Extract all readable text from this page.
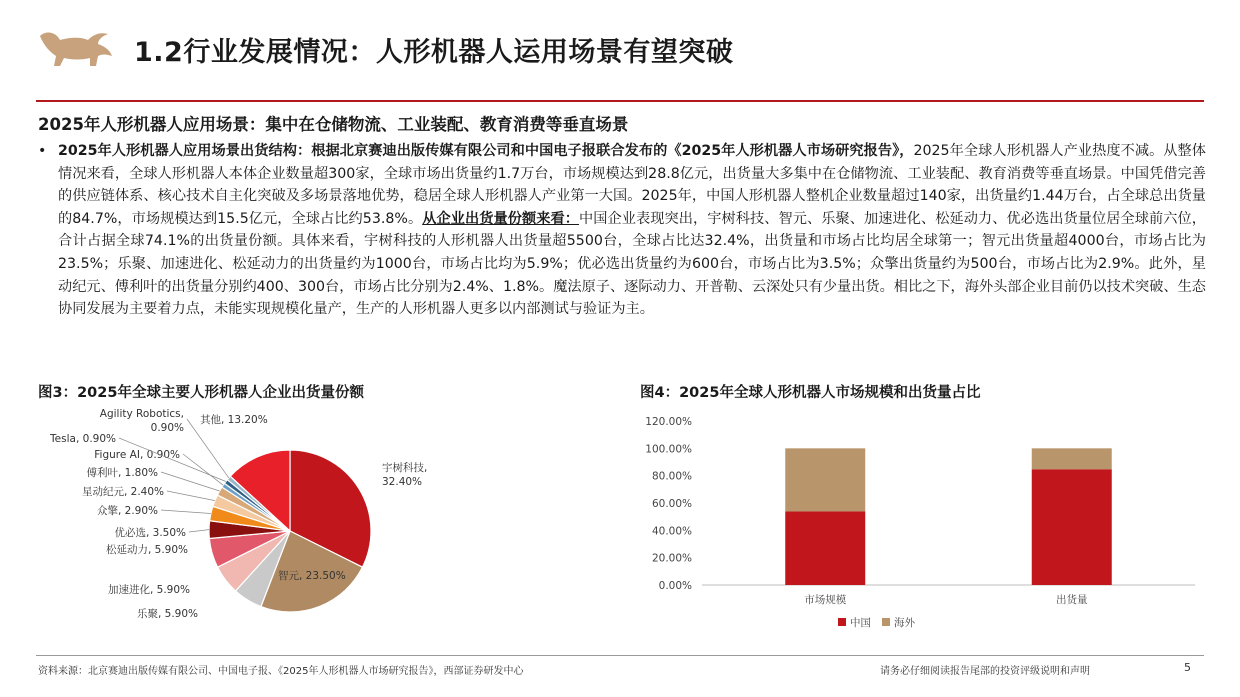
1.2行业发展情况：人形机器人运用场景有望突破
2025年人形机器人应用场景：集中在仓储物流、工业装配、教育消费等垂直场景
• 2025年人形机器人应用场景出货结构：根据北京赛迪出版传媒有限公司和中国电子报联合发布的《2025年人形机器人市场研究报告》，2025年全球人形机器人产业热度不减。从整体情况来看，全球人形机器人本体企业数量超300家，全球市场出货量约1.7万台，市场规模达到28.8亿元，出货量大多集中在仓储物流、工业装配、教育消费等垂直场景。中国凭借完善的供应链体系、核心技术自主化突破及多场景落地优势，稳居全球人形机器人产业第一大国。2025年，中国人形机器人整机企业数量超过140家，出货量约1.44万台，占全球总出货量的84.7%，市场规模达到15.5亿元，全球占比约53.8%。从企业出货量份额来看：中国企业表现突出，宇树科技、智元、乐聚、加速进化、松延动力、优必选出货量位居全球前六位，合计占据全球74.1%的出货量份额。具体来看，宇树科技的人形机器人出货量超5500台，全球占比达32.4%，出货量和市场占比均居全球第一；智元出货量超4000台，市场占比为23.5%；乐聚、加速进化、松延动力的出货量约为1000台，市场占比均为5.9%；优必选出货量约为600台，市场占比为3.5%；众擎出货量约为500台，市场占比为2.9%。此外，星动纪元、傅利叶的出货量分别约400、300台，市场占比分别为2.4%、1.8%。魔法原子、逐际动力、开普勒、云深处只有少量出货。相比之下，海外头部企业目前仍以技术突破、生态协同发展为主要着力点，未能实现规模化量产，生产的人形机器人更多以内部测试与验证为主。
图3：2025年全球主要人形机器人企业出货量份额	图4：2025年全球人形机器人市场规模和出货量占比
宇树科技, 32.40%
智元, 23.50%
乐聚, 5.90%
加速进化, 5.90%
松延动力, 5.90%
优必选, 3.50%
众擎, 2.90%
星动纪元, 2.40%
傅利叶, 1.80%
Figure AI, 0.90%
Tesla, 0.90%
Agility Robotics, 0.90%
其他, 13.20%
0.00%
20.00%
40.00%
60.00%
80.00%
100.00%
120.00%
市场规模	出货量
中国 海外
资料来源：北京赛迪出版传媒有限公司、中国电子报、《2025年人形机器人市场研究报告》，西部证券研发中心	请务必仔细阅读报告尾部的投资评级说明和声明	5
